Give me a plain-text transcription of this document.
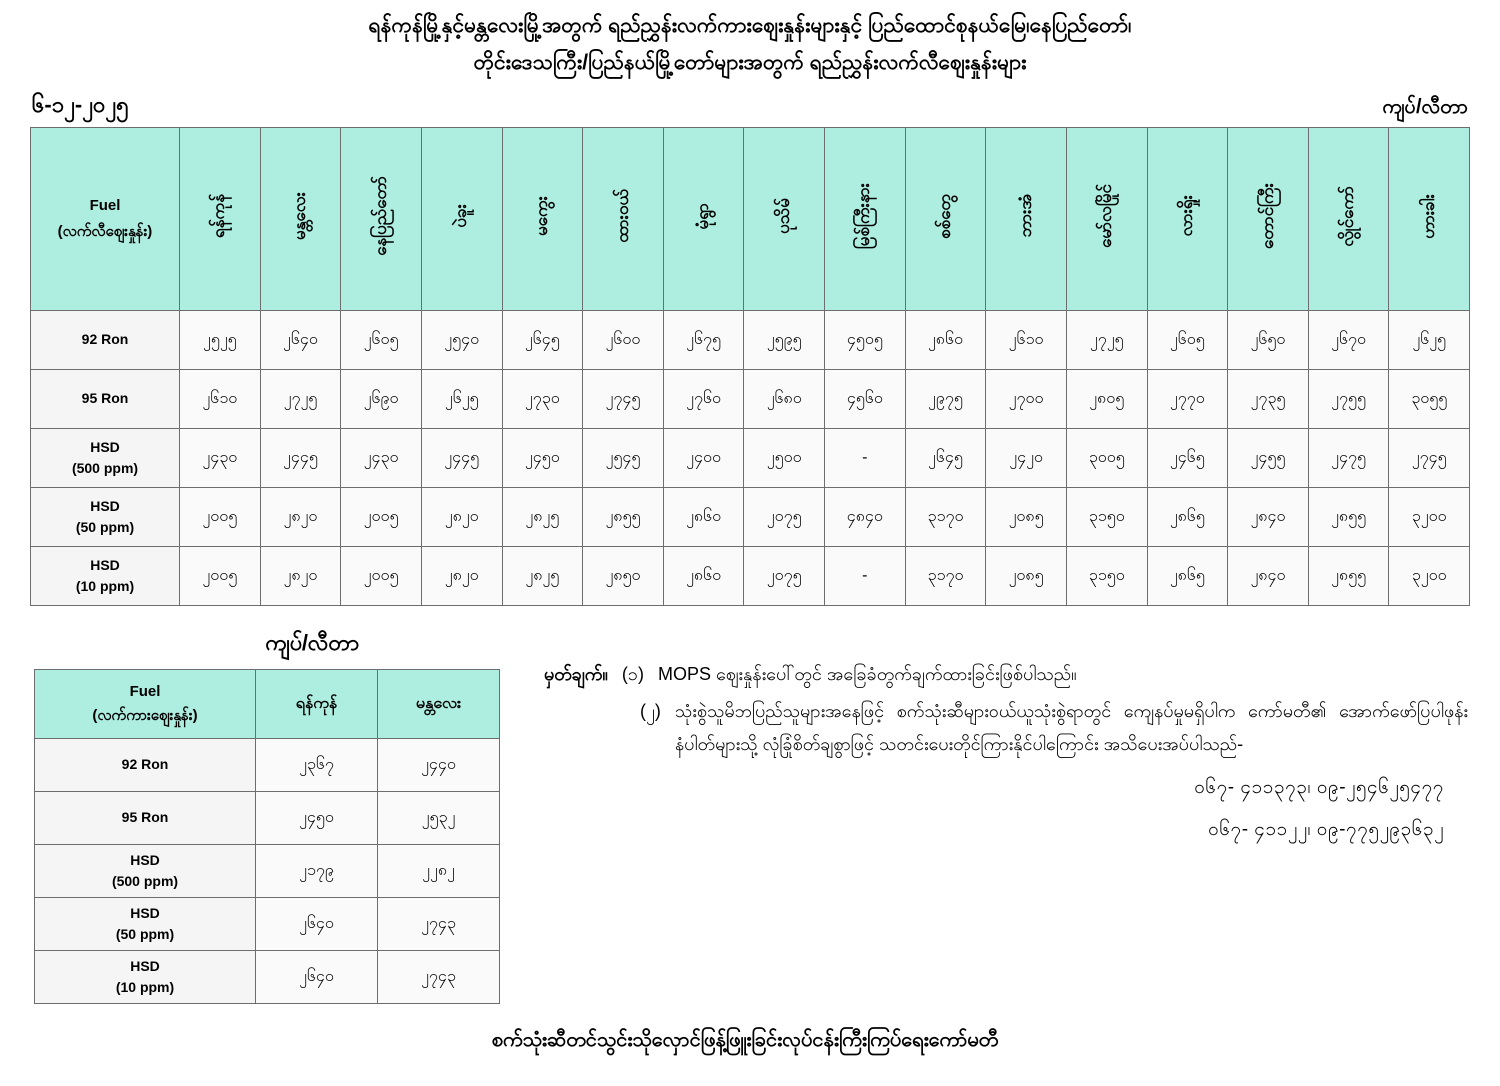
ရန်ကုန်မြို့နှင့်မန္တလေးမြို့အတွက် ရည်ညွှန်းလက်ကားဈေးနှုန်းများနှင့် ပြည်ထောင်စုနယ်မြေ၊နေပြည်တော်၊
တိုင်းဒေသကြီး/ပြည်နယ်မြို့တော်များအတွက် ရည်ညွှန်းလက်လီဈေးနှုန်းများ
၆-၁၂-၂၀၂၅	ကျပ်/လီတာ
Fuel
(လက်လီဈေးနှုန်း)	ရန်ကုန်	မန္တလေး	နေပြည်တော်	ပဲခူး	မကွေး	ထားဝယ်	မုံရွာ	ပုသိမ်	မြစ်ကြီးနား	စစ်တွေ	ဘားအံ	မော်လမြိုင်	လားရှိုး	တောင်ကြီး	လွိုင်ကော်	ဟားခါး

92 Ron	၂၅၂၅	၂၆၄၀	၂၆၀၅	၂၅၄၀	၂၆၄၅	၂၆၀၀	၂၆၇၅	၂၅၉၅	၄၅၀၅	၂၈၆၀	၂၆၁၀	၂၇၂၅	၂၆၀၅	၂၆၅၀	၂၆၇၀	၂၆၂၅

95 Ron	၂၆၁၀	၂၇၂၅	၂၆၉၀	၂၆၂၅	၂၇၃၀	၂၇၄၅	၂၇၆၀	၂၆၈၀	၄၅၆၀	၂၉၇၅	၂၇၀၀	၂၈၀၅	၂၇၇၀	၂၇၃၅	၂၇၅၅	၃၀၅၅

HSD
(500 ppm)	၂၄၃၀	၂၄၄၅	၂၄၃၀	၂၄၄၅	၂၄၅၀	၂၅၄၅	၂၄၀၀	၂၅၀၀	-	၂၆၄၅	၂၄၂၀	၃၀၀၅	၂၄၆၅	၂၄၅၅	၂၄၇၅	၂၇၄၅

HSD
(50 ppm)	၂၀၀၅	၂၈၂၀	၂၀၀၅	၂၈၂၀	၂၈၂၅	၂၈၅၅	၂၈၆၀	၂၀၇၅	၄၈၄၀	၃၁၇၀	၂၀၈၅	၃၁၅၀	၂၈၆၅	၂၈၄၀	၂၈၅၅	၃၂၀၀

HSD
(10 ppm)	၂၀၀၅	၂၈၂၀	၂၀၀၅	၂၈၂၀	၂၈၂၅	၂၈၅၀	၂၈၆၀	၂၀၇၅	-	၃၁၇၀	၂၀၈၅	၃၁၅၀	၂၈၆၅	၂၈၄၀	၂၈၅၅	၃၂၀၀
ကျပ်/လီတာ
Fuel
(လက်ကားဈေးနှုန်း)	ရန်ကုန်	မန္တလေး

92 Ron	၂၃၆၇	၂၄၄၀

95 Ron	၂၄၅၀	၂၅၃၂

HSD
(500 ppm)	၂၁၇၉	၂၂၈၂

HSD
(50 ppm)	၂၆၄၀	၂၇၄၃

HSD
(10 ppm)	၂၆၄၀	၂၇၄၃
မှတ်ချက်။ (၁) MOPS ဈေးနှုန်းပေါ်တွင် အခြေခံတွက်ချက်ထားခြင်းဖြစ်ပါသည်။
(၂) သုံးစွဲသူမိဘပြည်သူများအနေဖြင့် စက်သုံးဆီများဝယ်ယူသုံးစွဲရာတွင် ကျေနပ်မှုမရှိပါက ကော်မတီ၏ အောက်ဖော်ပြပါဖုန်းနံပါတ်များသို့ လုံခြုံစိတ်ချစွာဖြင့် သတင်းပေးတိုင်ကြားနိုင်ပါကြောင်း အသိပေးအပ်ပါသည်-
၀၆၇- ၄၁၁၃၇၃၊ ၀၉-၂၅၄၆၂၅၄၇၇
၀၆၇- ၄၁၁၂၂၊ ၀၉-၇၇၅၂၉၃၆၃၂
စက်သုံးဆီတင်သွင်းသိုလှောင်ဖြန့်ဖြူးခြင်းလုပ်ငန်းကြီးကြပ်ရေးကော်မတီ
